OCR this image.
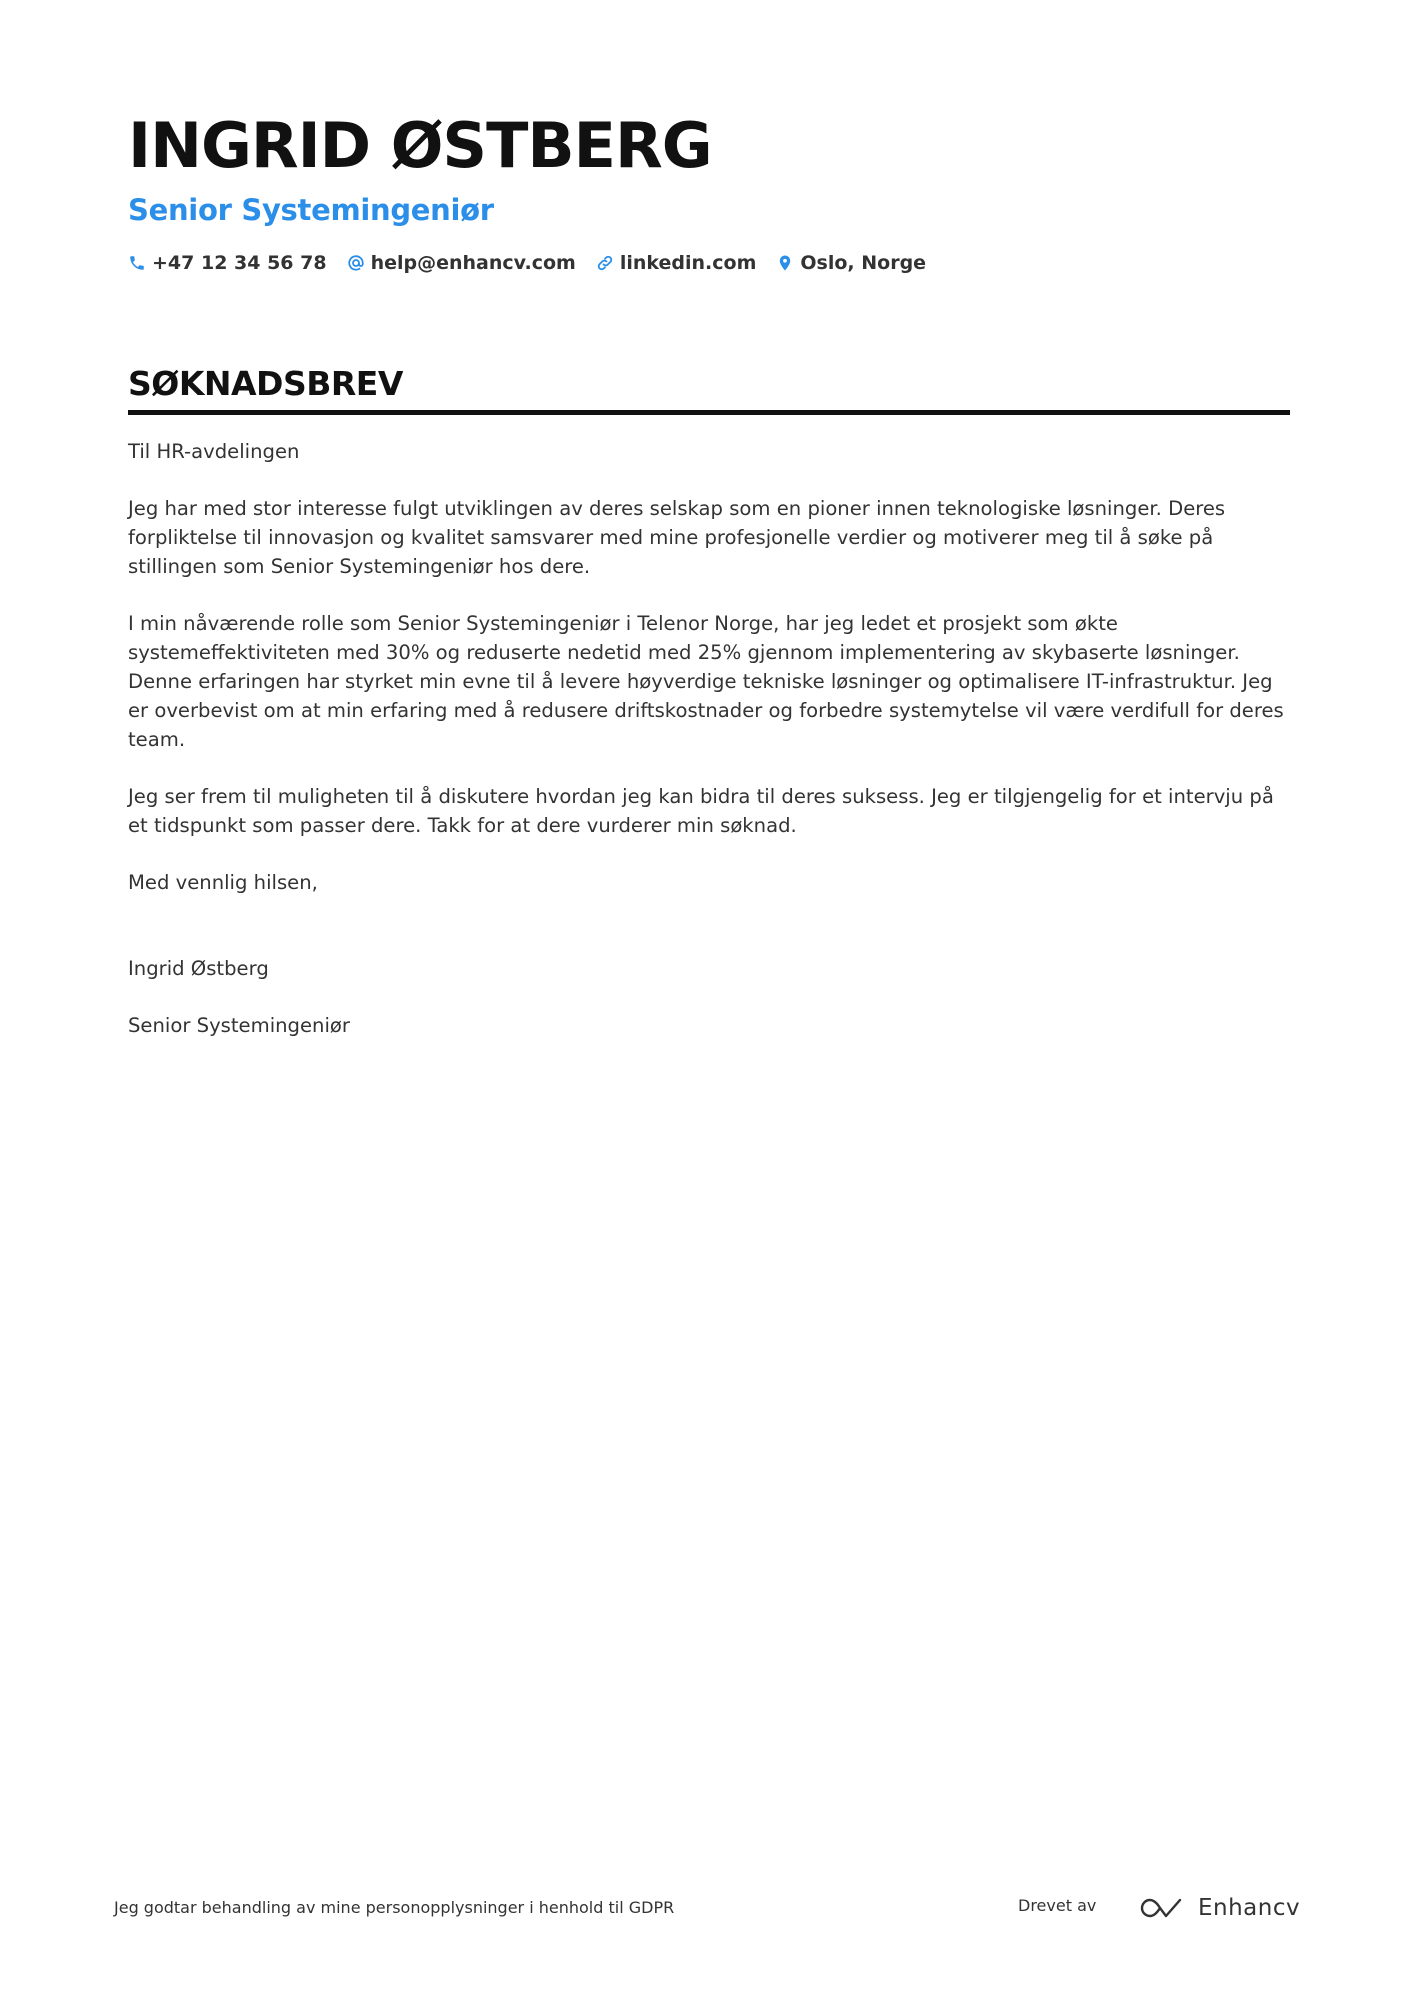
INGRID ØSTBERG
Senior Systemingeniør
+47 12 34 56 78 help@enhancv.com linkedin.com Oslo, Norge
SØKNADSBREV

Til HR-avdelingen

Jeg har med stor interesse fulgt utviklingen av deres selskap som en pioner innen teknologiske løsninger. Deres forpliktelse til innovasjon og kvalitet samsvarer med mine profesjonelle verdier og motiverer meg til å søke på stillingen som Senior Systemingeniør hos dere.

I min nåværende rolle som Senior Systemingeniør i Telenor Norge, har jeg ledet et prosjekt som økte systemeffektiviteten med 30% og reduserte nedetid med 25% gjennom implementering av skybaserte løsninger. Denne erfaringen har styrket min evne til å levere høyverdige tekniske løsninger og optimalisere IT-infrastruktur. Jeg er overbevist om at min erfaring med å redusere driftskostnader og forbedre systemytelse vil være verdifull for deres team.

Jeg ser frem til muligheten til å diskutere hvordan jeg kan bidra til deres suksess. Jeg er tilgjengelig for et intervju på et tidspunkt som passer dere. Takk for at dere vurderer min søknad.

Med vennlig hilsen,

Ingrid Østberg

Senior Systemingeniør

Jeg godtar behandling av mine personopplysninger i henhold til GDPR	Drevet av	Enhancv
